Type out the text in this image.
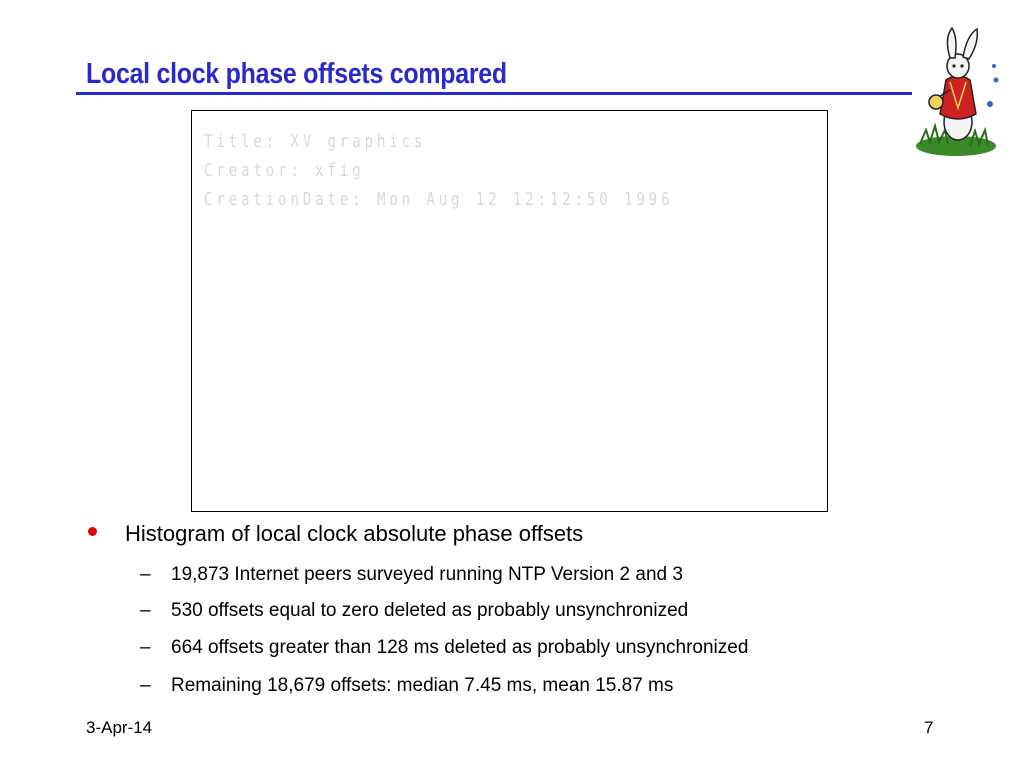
Local clock phase offsets compared
Title: XV graphics
Creator: xfig
CreationDate: Mon Aug 12 12:12:50 1996
Histogram of local clock absolute phase offsets
– 19,873 Internet peers surveyed running NTP Version 2 and 3
– 530 offsets equal to zero deleted as probably unsynchronized
– 664 offsets greater than 128 ms deleted as probably unsynchronized
– Remaining 18,679 offsets: median 7.45 ms, mean 15.87 ms
3-Apr-14	7
